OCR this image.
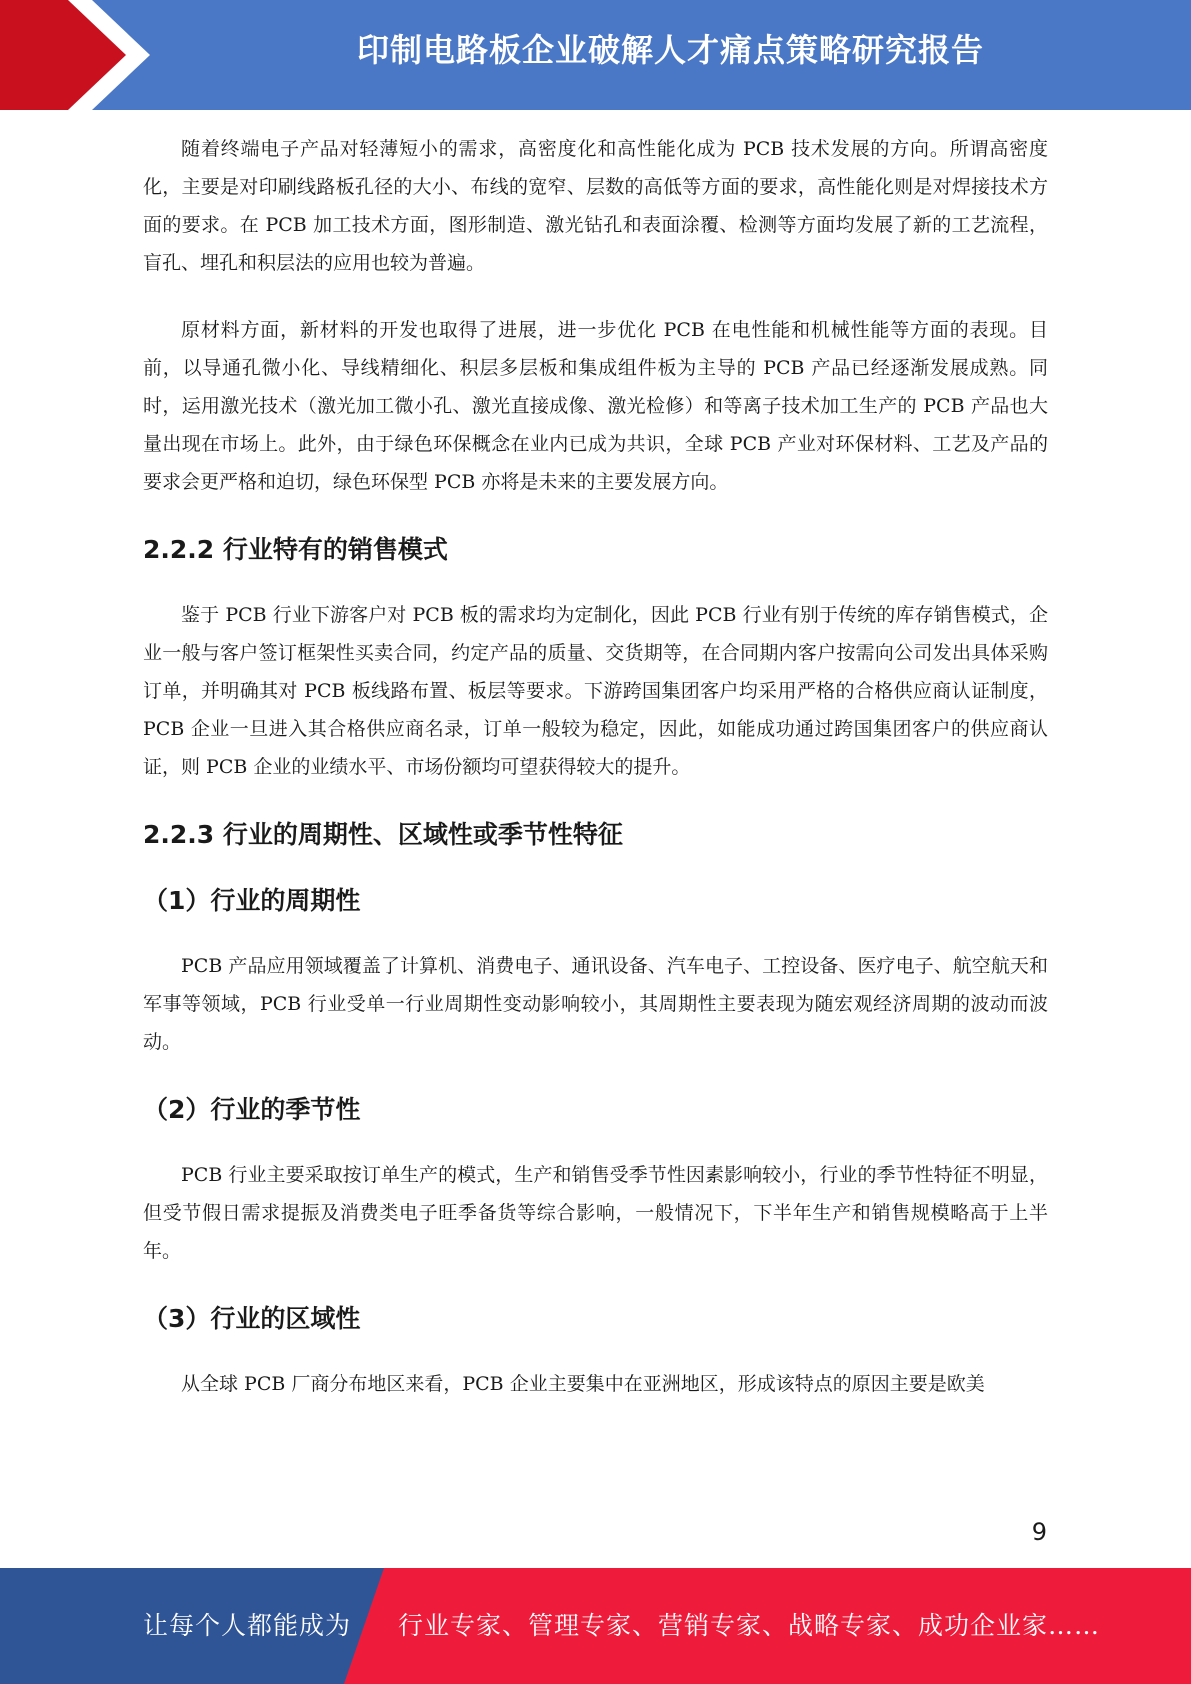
印制电路板企业破解人才痛点策略研究报告

随着终端电子产品对轻薄短小的需求，高密度化和高性能化成为 PCB 技术发展的方向。所谓高密度化，主要是对印刷线路板孔径的大小、布线的宽窄、层数的高低等方面的要求，高性能化则是对焊接技术方面的要求。在 PCB 加工技术方面，图形制造、激光钻孔和表面涂覆、检测等方面均发展了新的工艺流程，盲孔、埋孔和积层法的应用也较为普遍。

原材料方面，新材料的开发也取得了进展，进一步优化 PCB 在电性能和机械性能等方面的表现。目前，以导通孔微小化、导线精细化、积层多层板和集成组件板为主导的 PCB 产品已经逐渐发展成熟。同时，运用激光技术（激光加工微小孔、激光直接成像、激光检修）和等离子技术加工生产的 PCB 产品也大量出现在市场上。此外，由于绿色环保概念在业内已成为共识，全球 PCB 产业对环保材料、工艺及产品的要求会更严格和迫切，绿色环保型 PCB 亦将是未来的主要发展方向。

2.2.2 行业特有的销售模式

鉴于 PCB 行业下游客户对 PCB 板的需求均为定制化，因此 PCB 行业有别于传统的库存销售模式，企业一般与客户签订框架性买卖合同，约定产品的质量、交货期等，在合同期内客户按需向公司发出具体采购订单，并明确其对 PCB 板线路布置、板层等要求。下游跨国集团客户均采用严格的合格供应商认证制度，PCB 企业一旦进入其合格供应商名录，订单一般较为稳定，因此，如能成功通过跨国集团客户的供应商认证，则 PCB 企业的业绩水平、市场份额均可望获得较大的提升。

2.2.3 行业的周期性、区域性或季节性特征
（1）行业的周期性

PCB 产品应用领域覆盖了计算机、消费电子、通讯设备、汽车电子、工控设备、医疗电子、航空航天和军事等领域，PCB 行业受单一行业周期性变动影响较小，其周期性主要表现为随宏观经济周期的波动而波动。

（2）行业的季节性

PCB 行业主要采取按订单生产的模式，生产和销售受季节性因素影响较小，行业的季节性特征不明显，但受节假日需求提振及消费类电子旺季备货等综合影响，一般情况下，下半年生产和销售规模略高于上半年。

（3）行业的区域性

从全球 PCB 厂商分布地区来看，PCB 企业主要集中在亚洲地区，形成该特点的原因主要是欧美

9
让每个人都能成为 行业专家、管理专家、营销专家、战略专家、成功企业家……
